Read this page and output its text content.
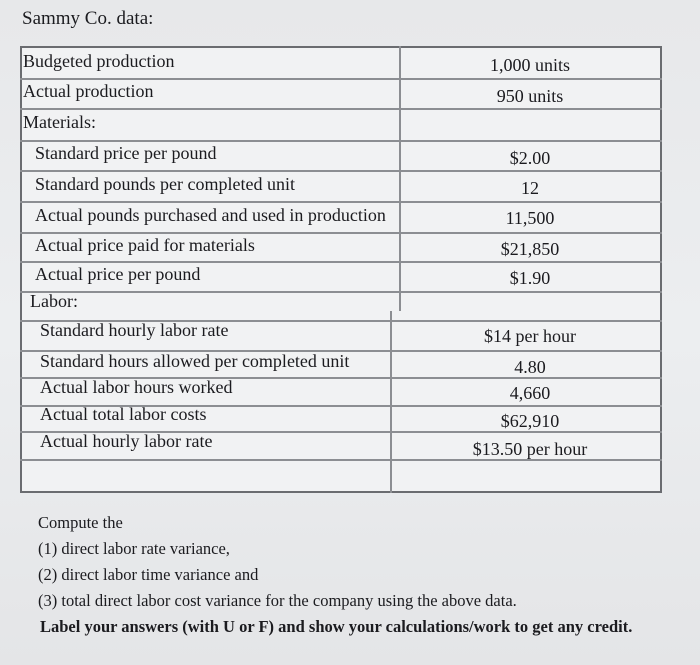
Sammy Co. data:
Budgeted production
Actual production
Materials:
Standard price per pound
Standard pounds per completed unit
Actual pounds purchased and used in production
Actual price paid for materials
Actual price per pound
Labor:
Standard hourly labor rate
Standard hours allowed per completed unit
Actual labor hours worked
Actual total labor costs
Actual hourly labor rate
1,000 units
950 units
$2.00
12
11,500
$21,850
$1.90
$14 per hour
4.80
4,660
$62,910
$13.50 per hour
Compute the
(1) direct labor rate variance,
(2) direct labor time variance and
(3) total direct labor cost variance for the company using the above data.
Label your answers (with U or F) and show your calculations/work to get any credit.
